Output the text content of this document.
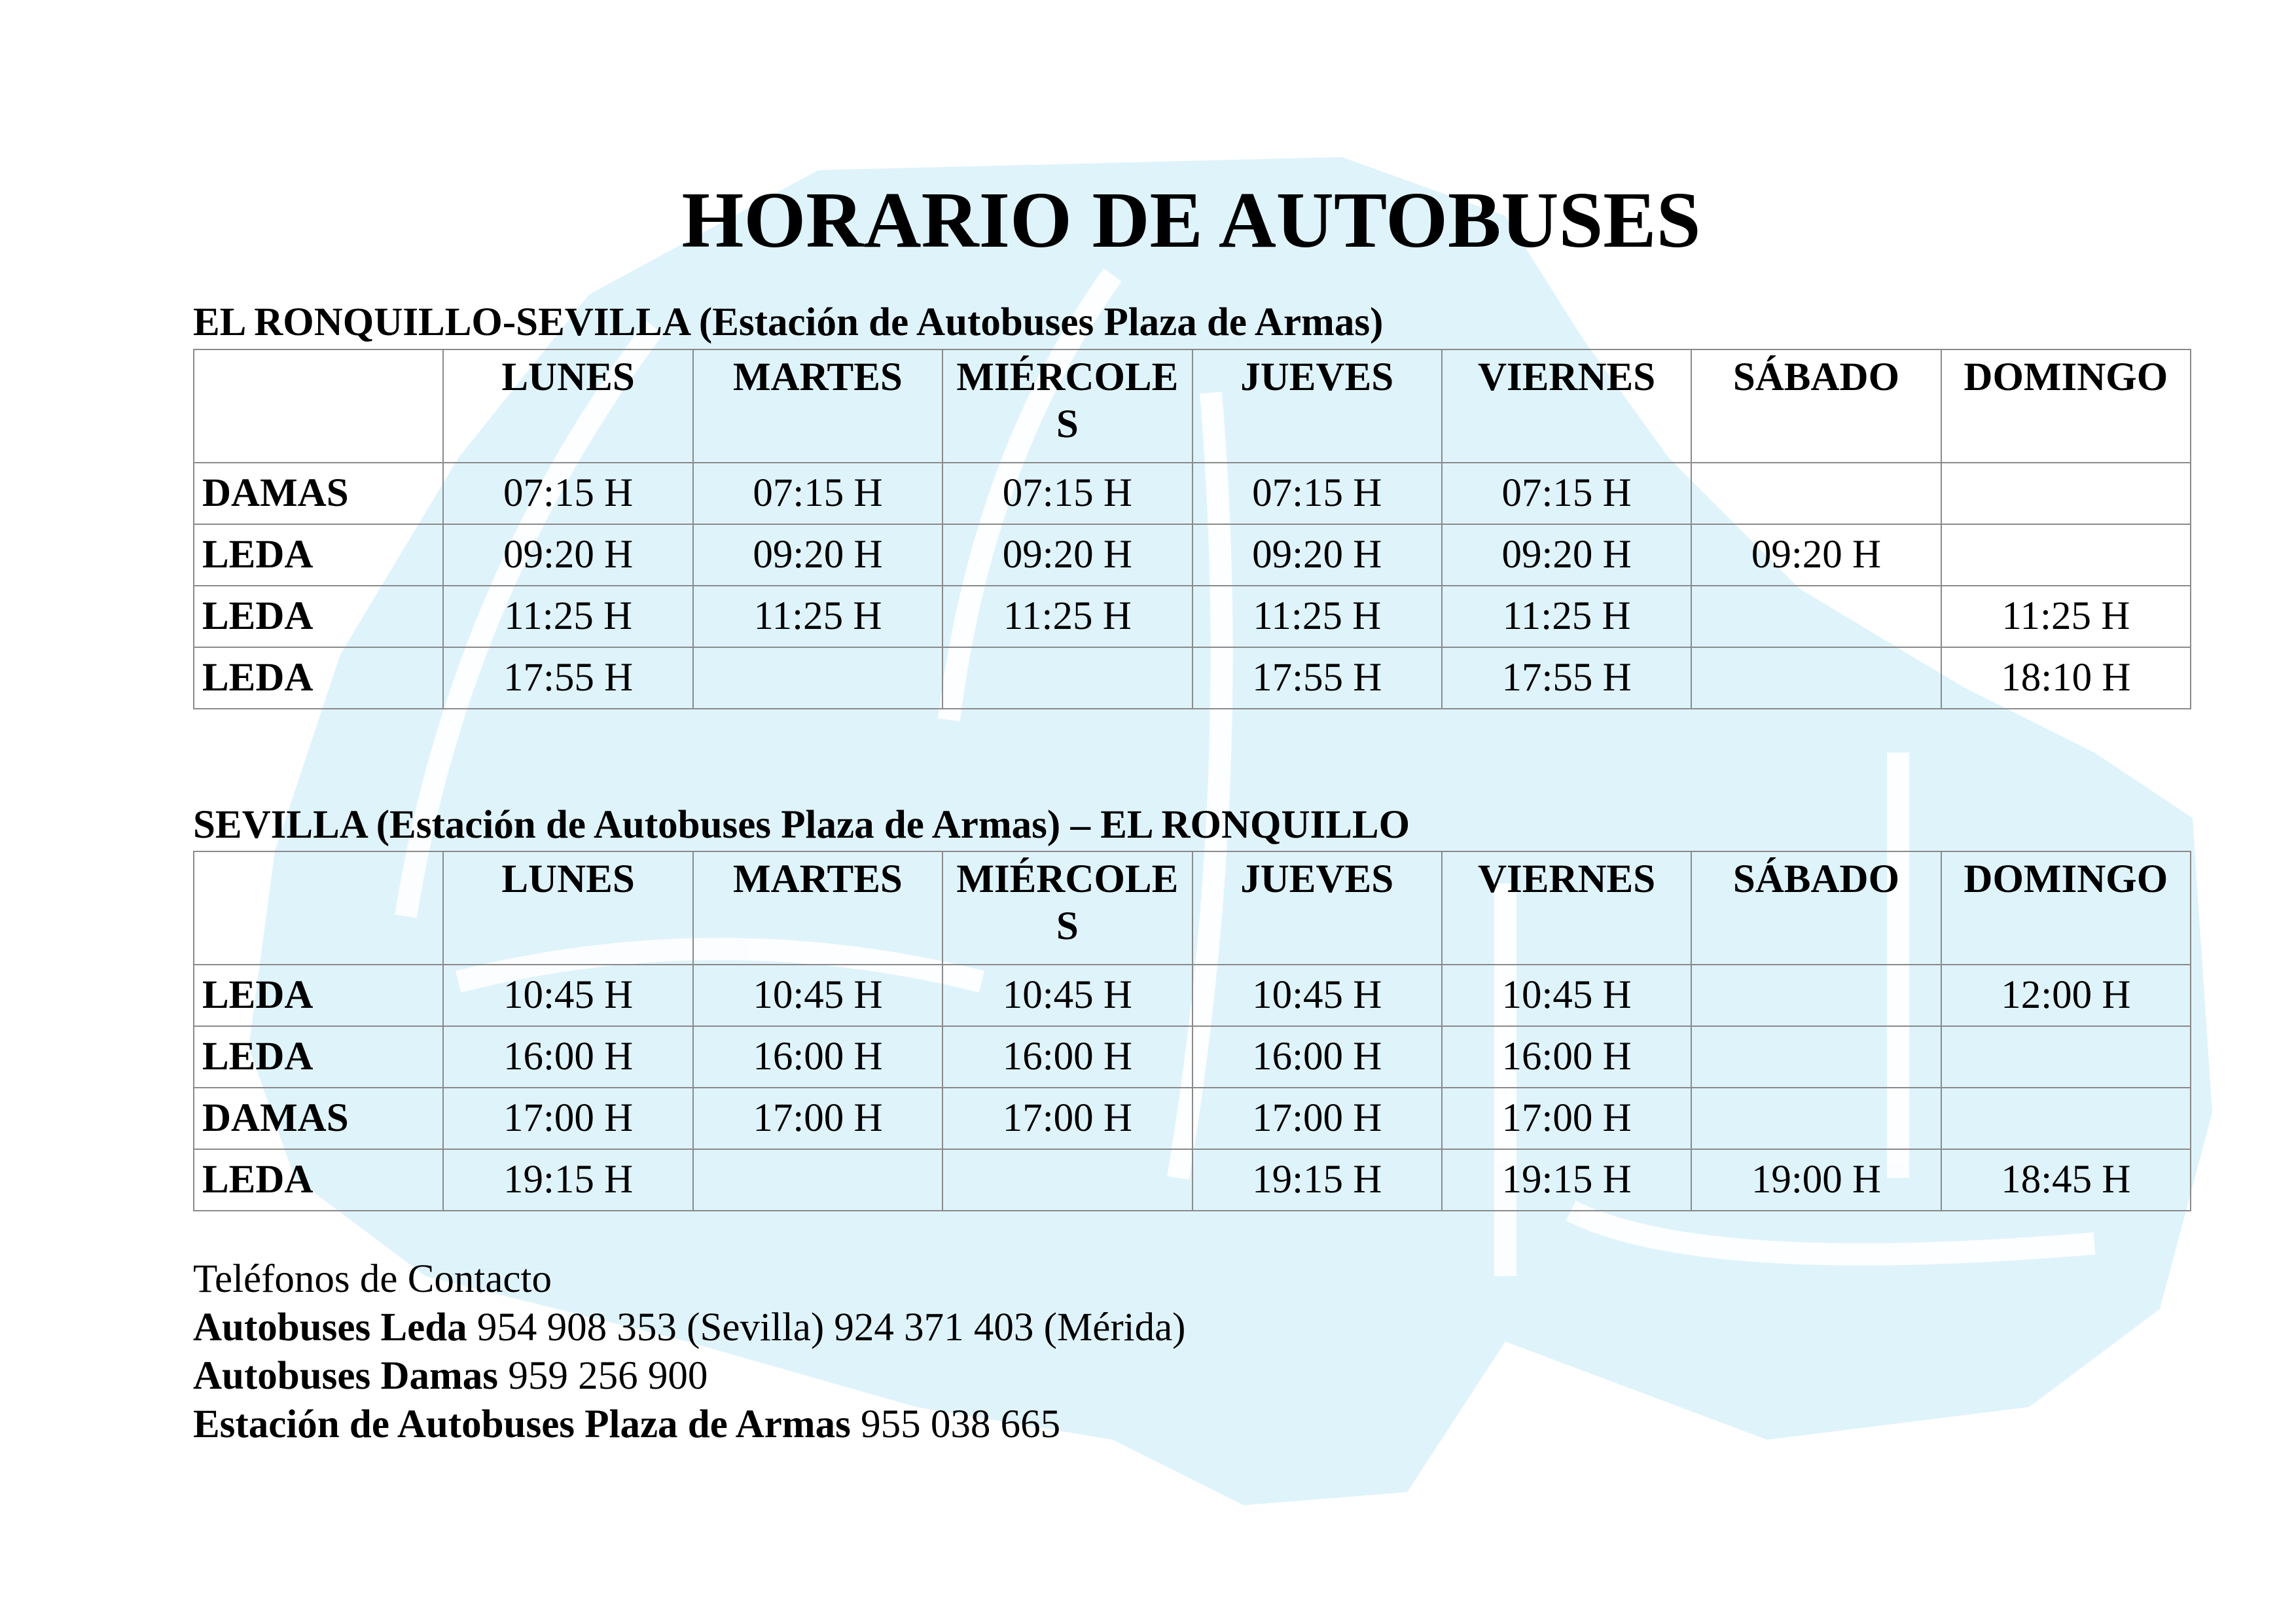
HORARIO DE AUTOBUSES
EL RONQUILLO-SEVILLA (Estación de Autobuses Plaza de Armas)
	LUNES	MARTES	MIÉRCOLES	JUEVES	VIERNES	SÁBADO	DOMINGO
DAMAS	07:15 H	07:15 H	07:15 H	07:15 H	07:15 H		
LEDA	09:20 H	09:20 H	09:20 H	09:20 H	09:20 H	09:20 H	
LEDA	11:25 H	11:25 H	11:25 H	11:25 H	11:25 H		11:25 H
LEDA	17:55 H			17:55 H	17:55 H		18:10 H
SEVILLA (Estación de Autobuses Plaza de Armas) – EL RONQUILLO
	LUNES	MARTES	MIÉRCOLES	JUEVES	VIERNES	SÁBADO	DOMINGO
LEDA	10:45 H	10:45 H	10:45 H	10:45 H	10:45 H		12:00 H
LEDA	16:00 H	16:00 H	16:00 H	16:00 H	16:00 H		
DAMAS	17:00 H	17:00 H	17:00 H	17:00 H	17:00 H		
LEDA	19:15 H			19:15 H	19:15 H	19:00 H	18:45 H
Teléfonos de Contacto
Autobuses Leda 954 908 353 (Sevilla) 924 371 403 (Mérida)
Autobuses Damas 959 256 900
Estación de Autobuses Plaza de Armas 955 038 665
